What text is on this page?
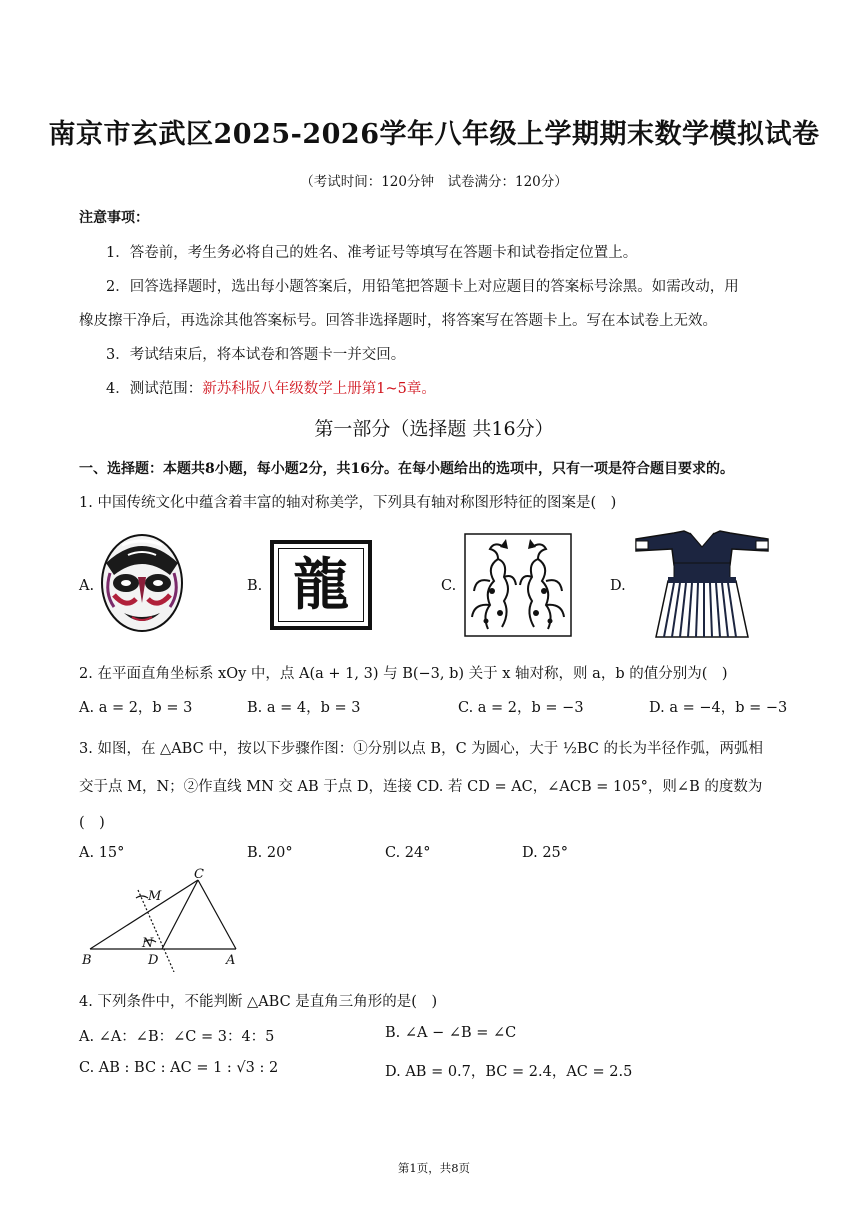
南京市玄武区2025-2026学年八年级上学期期末数学模拟试卷
（考试时间：120分钟　试卷满分：120分）
注意事项：
1．答卷前，考生务必将自己的姓名、准考证号等填写在答题卡和试卷指定位置上。
2．回答选择题时，选出每小题答案后，用铅笔把答题卡上对应题目的答案标号涂黑。如需改动，用
橡皮擦干净后，再选涂其他答案标号。回答非选择题时，将答案写在答题卡上。写在本试卷上无效。
3．考试结束后，将本试卷和答题卡一并交回。
4．测试范围：新苏科版八年级数学上册第1~5章。
第一部分（选择题 共16分）
一、选择题：本题共8小题，每小题2分，共16分。在每小题给出的选项中，只有一项是符合题目要求的。
1. 中国传统文化中蕴含着丰富的轴对称美学，下列具有轴对称图形特征的图案是(　)
A.	B.	C.	D.
龍
2. 在平面直角坐标系 xOy 中，点 A(a + 1, 3) 与 B(−3, b) 关于 x 轴对称，则 a，b 的值分别为(　)
A. a = 2，b = 3	B. a = 4，b = 3	C. a = 2，b = −3	D. a = −4，b = −3
3. 如图，在 △ABC 中，按以下步骤作图：①分别以点 B，C 为圆心，大于 ½BC 的长为半径作弧，两弧相
交于点 M，N；②作直线 MN 交 AB 于点 D，连接 CD. 若 CD = AC，∠ACB = 105°，则∠B 的度数为
(　)
A. 15°	B. 20°	C. 24°	D. 25°
C
M
N
B	D	A
4. 下列条件中，不能判断 △ABC 是直角三角形的是(　)
A. ∠A：∠B：∠C = 3：4：5	B. ∠A − ∠B = ∠C
C. AB : BC : AC = 1 : √3 : 2	D. AB = 0.7，BC = 2.4，AC = 2.5
第1页，共8页
